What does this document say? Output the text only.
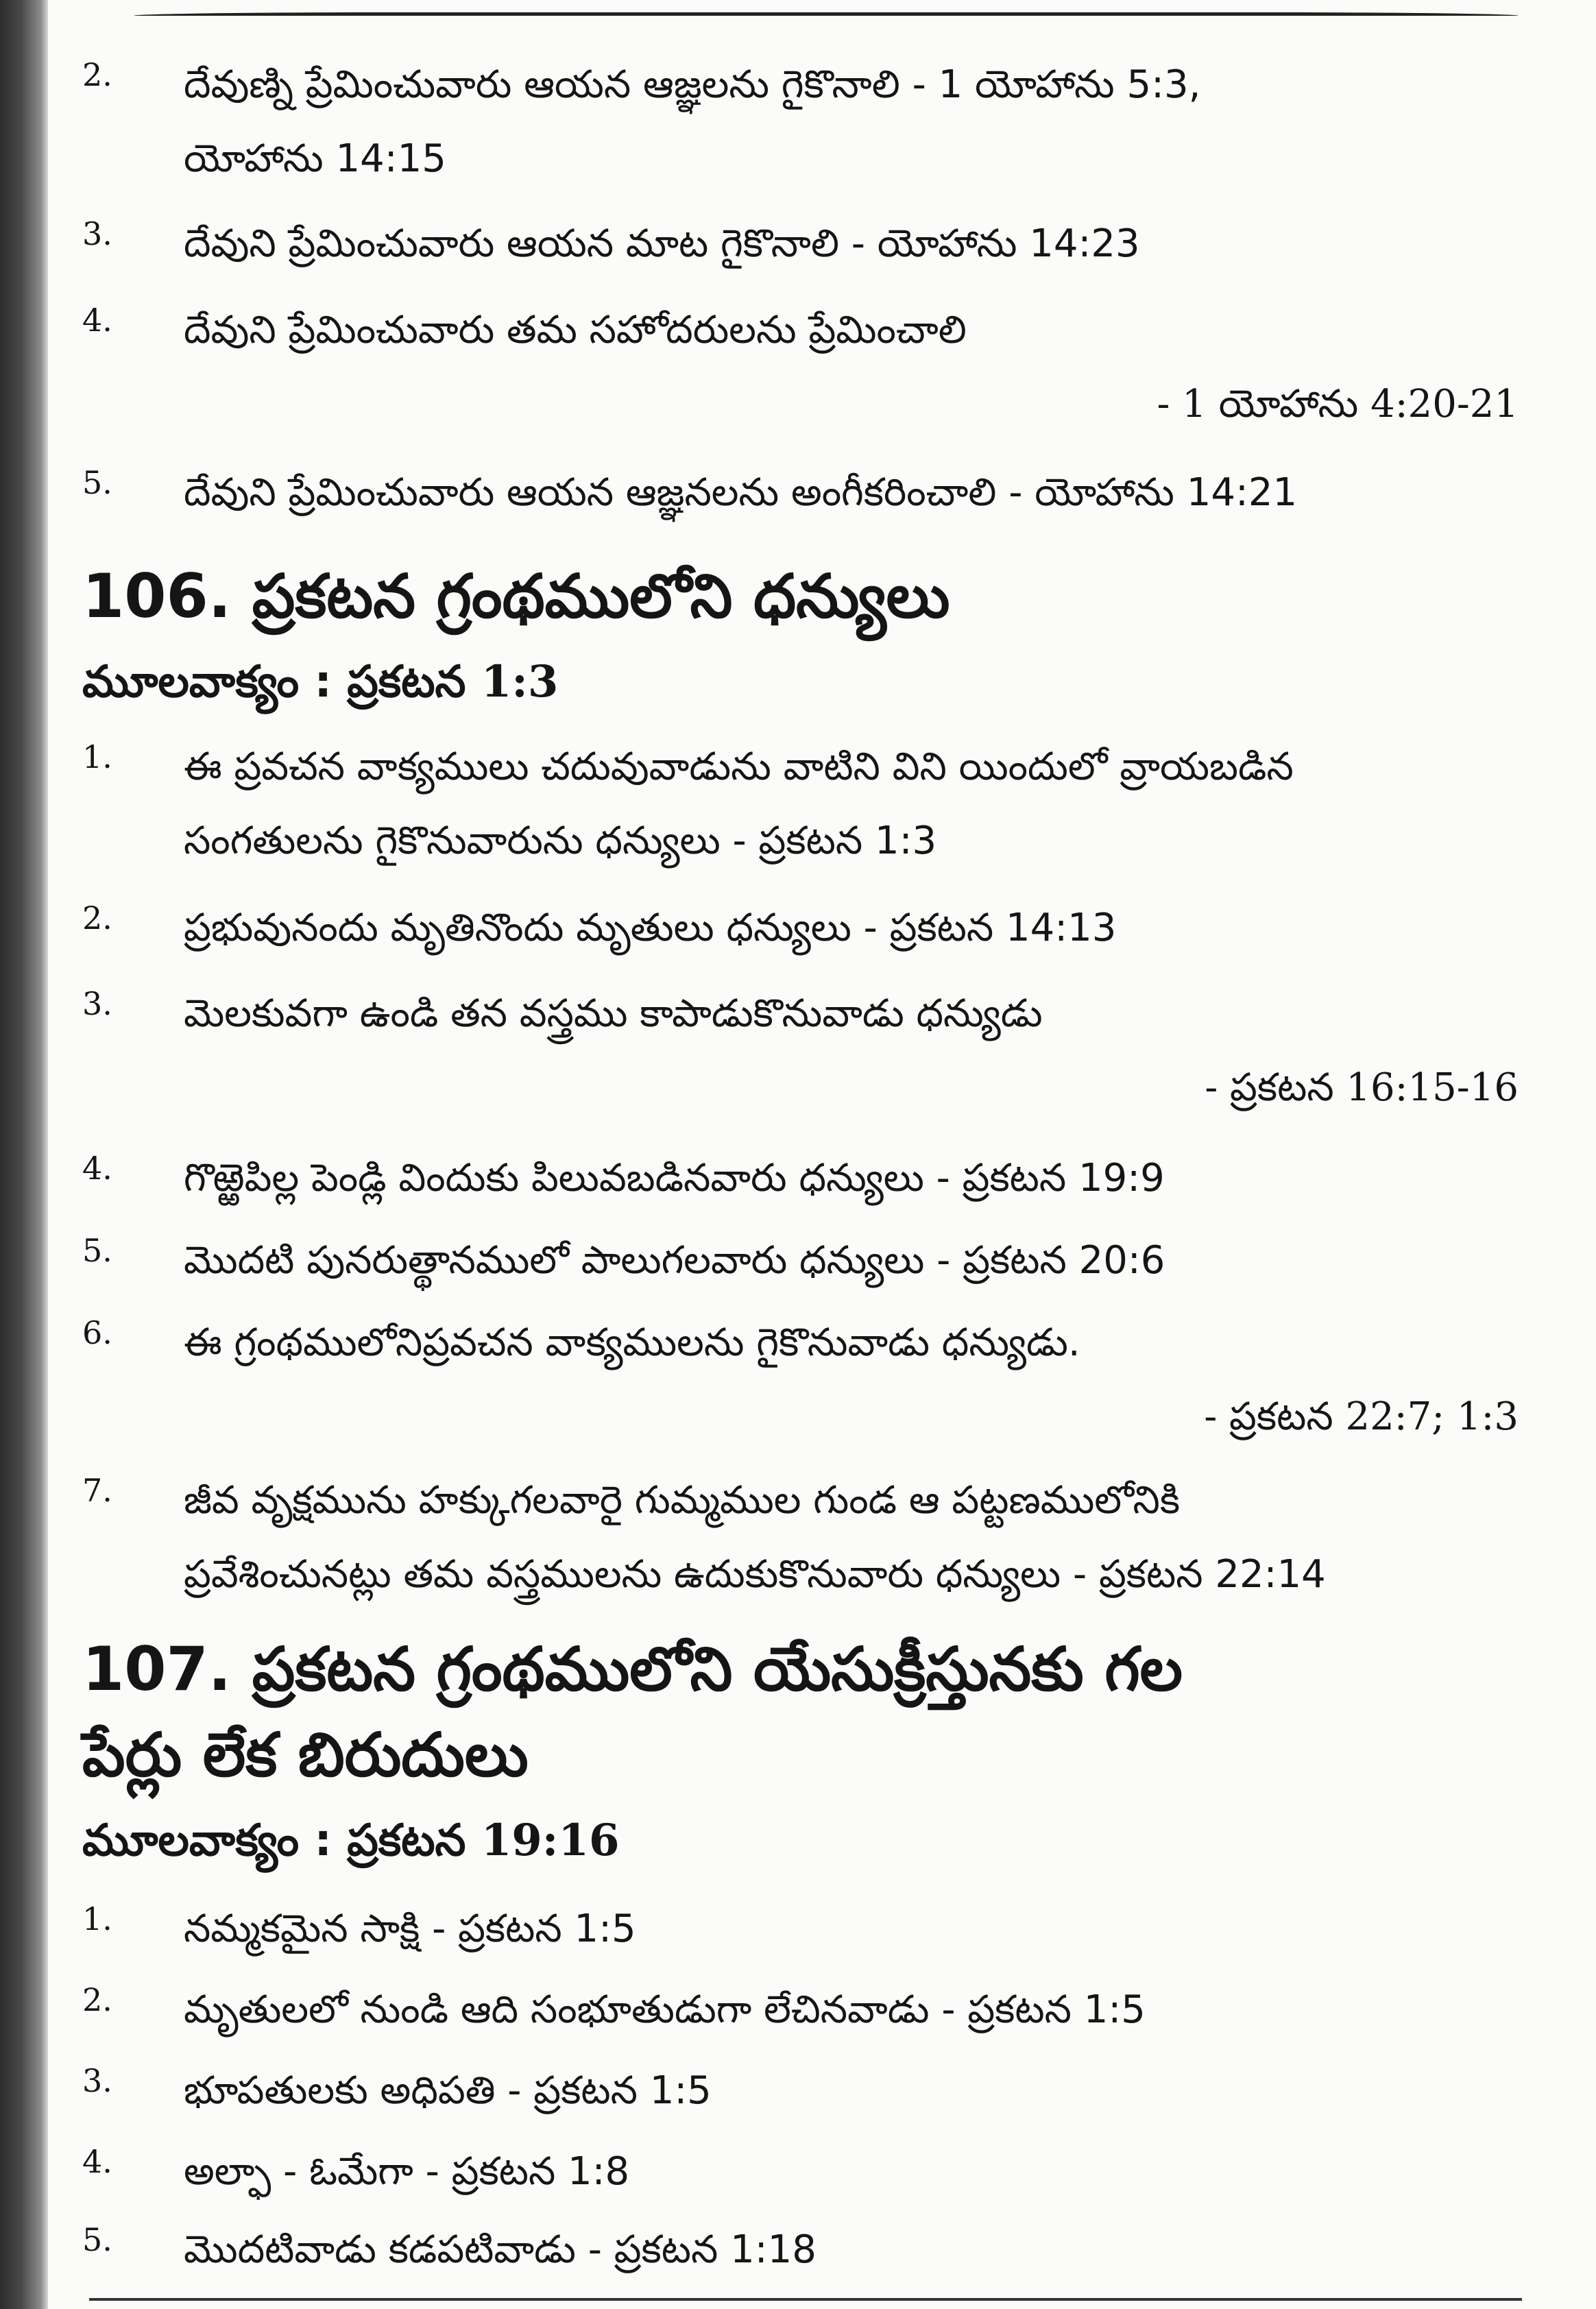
2.	దేవుణ్ని ప్రేమించువారు ఆయన ఆజ్ఞలను గైకొనాలి - 1 యోహాను 5:3,
యోహాను 14:15
3.	దేవుని ప్రేమించువారు ఆయన మాట గైకొనాలి - యోహాను 14:23
4.	దేవుని ప్రేమించువారు తమ సహోదరులను ప్రేమించాలి
- 1 యోహాను 4:20-21
5.	దేవుని ప్రేమించువారు ఆయన ఆజ్ఞనలను అంగీకరించాలి - యోహాను 14:21
106. ప్రకటన గ్రంథములోని ధన్యులు
మూలవాక్యం : ప్రకటన 1:3
1.	ఈ ప్రవచన వాక్యములు చదువువాడును వాటిని విని యిందులో వ్రాయబడిన
సంగతులను గైకొనువారును ధన్యులు - ప్రకటన 1:3
2.	ప్రభువునందు మృతినొందు మృతులు ధన్యులు - ప్రకటన 14:13
3.	మెలకువగా ఉండి తన వస్త్రము కాపాడుకొనువాడు ధన్యుడు
- ప్రకటన 16:15-16
4.	గొఱ్ఱెపిల్ల పెండ్లి విందుకు పిలువబడినవారు ధన్యులు - ప్రకటన 19:9
5.	మొదటి పునరుత్థానములో పాలుగలవారు ధన్యులు - ప్రకటన 20:6
6.	ఈ గ్రంథములోనిప్రవచన వాక్యములను గైకొనువాడు ధన్యుడు.
- ప్రకటన 22:7; 1:3
7.	జీవ వృక్షమును హక్కుగలవారై గుమ్మముల గుండ ఆ పట్టణములోనికి
ప్రవేశించునట్లు తమ వస్త్రములను ఉదుకుకొనువారు ధన్యులు - ప్రకటన 22:14
107. ప్రకటన గ్రంథములోని యేసుక్రీస్తునకు గల
పేర్లు లేక బిరుదులు
మూలవాక్యం : ప్రకటన 19:16
1.	నమ్మకమైన సాక్షి - ప్రకటన 1:5
2.	మృతులలో నుండి ఆది సంభూతుడుగా లేచినవాడు - ప్రకటన 1:5
3.	భూపతులకు అధిపతి - ప్రకటన 1:5
4.	అల్ఫా - ఓమేగా - ప్రకటన 1:8
5.	మొదటివాడు కడపటివాడు - ప్రకటన 1:18
